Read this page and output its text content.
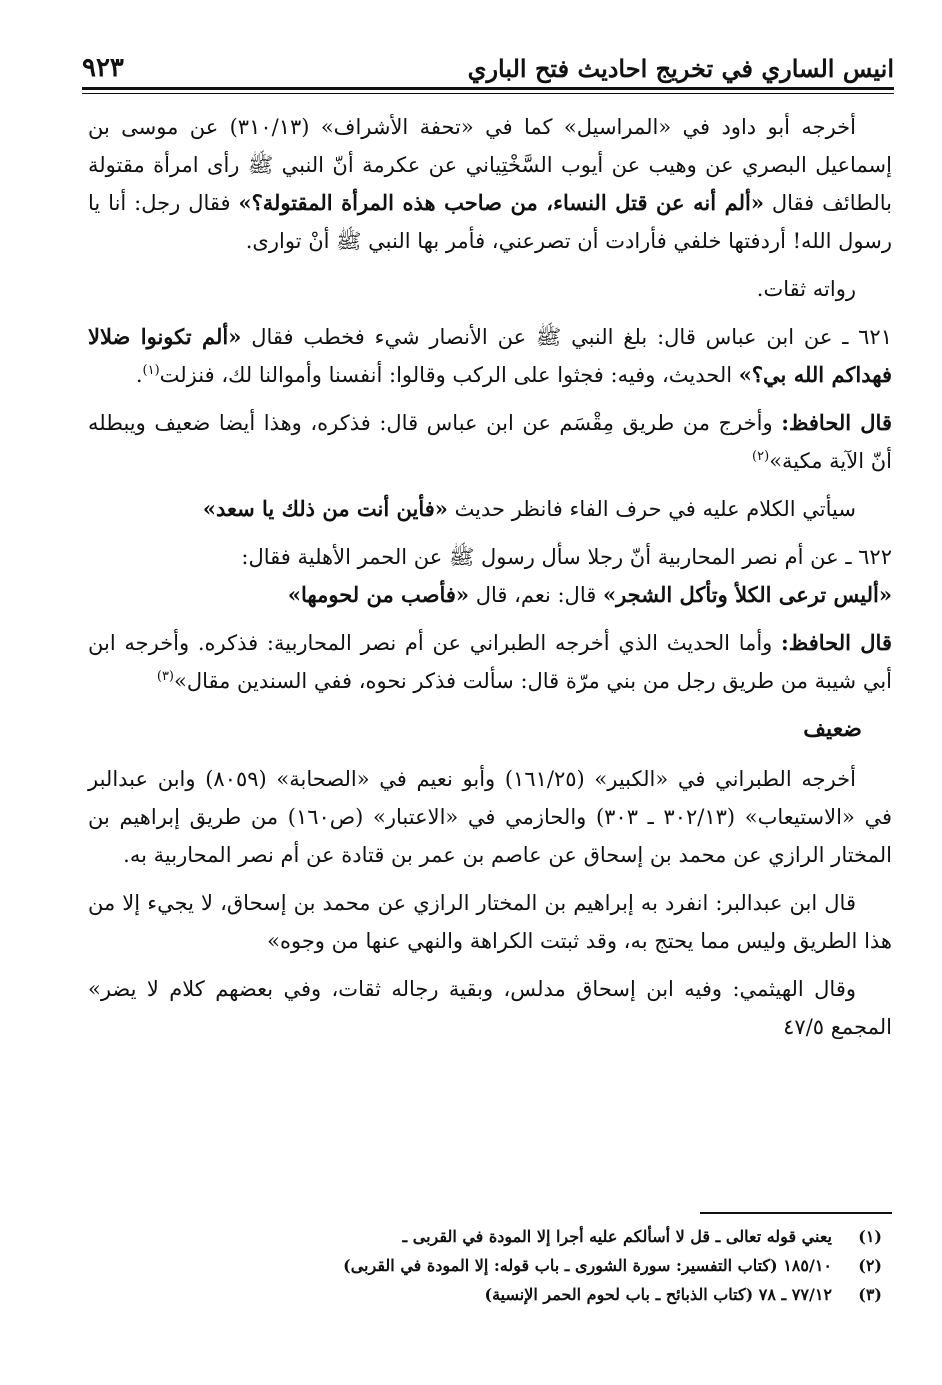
انيس الساري في تخريج احاديث فتح الباري
٩٢٣

أخرجه أبو داود في «المراسيل» كما في «تحفة الأشراف» (٣١٠/١٣) عن موسى بن إسماعيل البصري عن وهيب عن أيوب السَّخْتِياني عن عكرمة أنّ النبي ﷺ رأى امرأة مقتولة بالطائف فقال «ألم أنه عن قتل النساء، من صاحب هذه المرأة المقتولة؟» فقال رجل: أنا يا رسول الله! أردفتها خلفي فأرادت أن تصرعني، فأمر بها النبي ﷺ أنْ توارى.

رواته ثقات.

٦٢١ ـ عن ابن عباس قال: بلغ النبي ﷺ عن الأنصار شيء فخطب فقال «ألم تكونوا ضلالا فهداكم الله بي؟» الحديث، وفيه: فجثوا على الركب وقالوا: أنفسنا وأموالنا لك، فنزلت$^{(١)}$.

قال الحافظ: وأخرج من طريق مِقْسَم عن ابن عباس قال: فذكره، وهذا أيضا ضعيف ويبطله أنّ الآية مكية»$^{(٢)}$

سيأتي الكلام عليه في حرف الفاء فانظر حديث «فأين أنت من ذلك يا سعد»

٦٢٢ ـ عن أم نصر المحاربية أنّ رجلا سأل رسول ﷺ عن الحمر الأهلية فقال:
«أليس ترعى الكلأ وتأكل الشجر» قال: نعم، قال «فأصب من لحومها»

قال الحافظ: وأما الحديث الذي أخرجه الطبراني عن أم نصر المحاربية: فذكره. وأخرجه ابن أبي شيبة من طريق رجل من بني مرّة قال: سألت فذكر نحوه، ففي السندين مقال»$^{(٣)}$

ضعيف

أخرجه الطبراني في «الكبير» (١٦١/٢٥) وأبو نعيم في «الصحابة» (٨٠٥٩) وابن عبدالبر في «الاستيعاب» (٣٠٢/١٣ ـ ٣٠٣) والحازمي في «الاعتبار» (ص١٦٠) من طريق إبراهيم بن المختار الرازي عن محمد بن إسحاق عن عاصم بن عمر بن قتادة عن أم نصر المحاربية به.

قال ابن عبدالبر: انفرد به إبراهيم بن المختار الرازي عن محمد بن إسحاق، لا يجيء إلا من هذا الطريق وليس مما يحتج به، وقد ثبتت الكراهة والنهي عنها من وجوه»

وقال الهيثمي: وفيه ابن إسحاق مدلس، وبقية رجاله ثقات، وفي بعضهم كلام لا يضر» المجمع ٤٧/٥

(١)
يعني قوله تعالى ـ قل لا أسألكم عليه أجرا إلا المودة في القربى ـ
(٢)
١٨٥/١٠ (كتاب التفسير: سورة الشورى ـ باب قوله: إلا المودة في القربى)
(٣)
٧٧/١٢ ـ ٧٨ (كتاب الذبائح ـ باب لحوم الحمر الإنسية)
